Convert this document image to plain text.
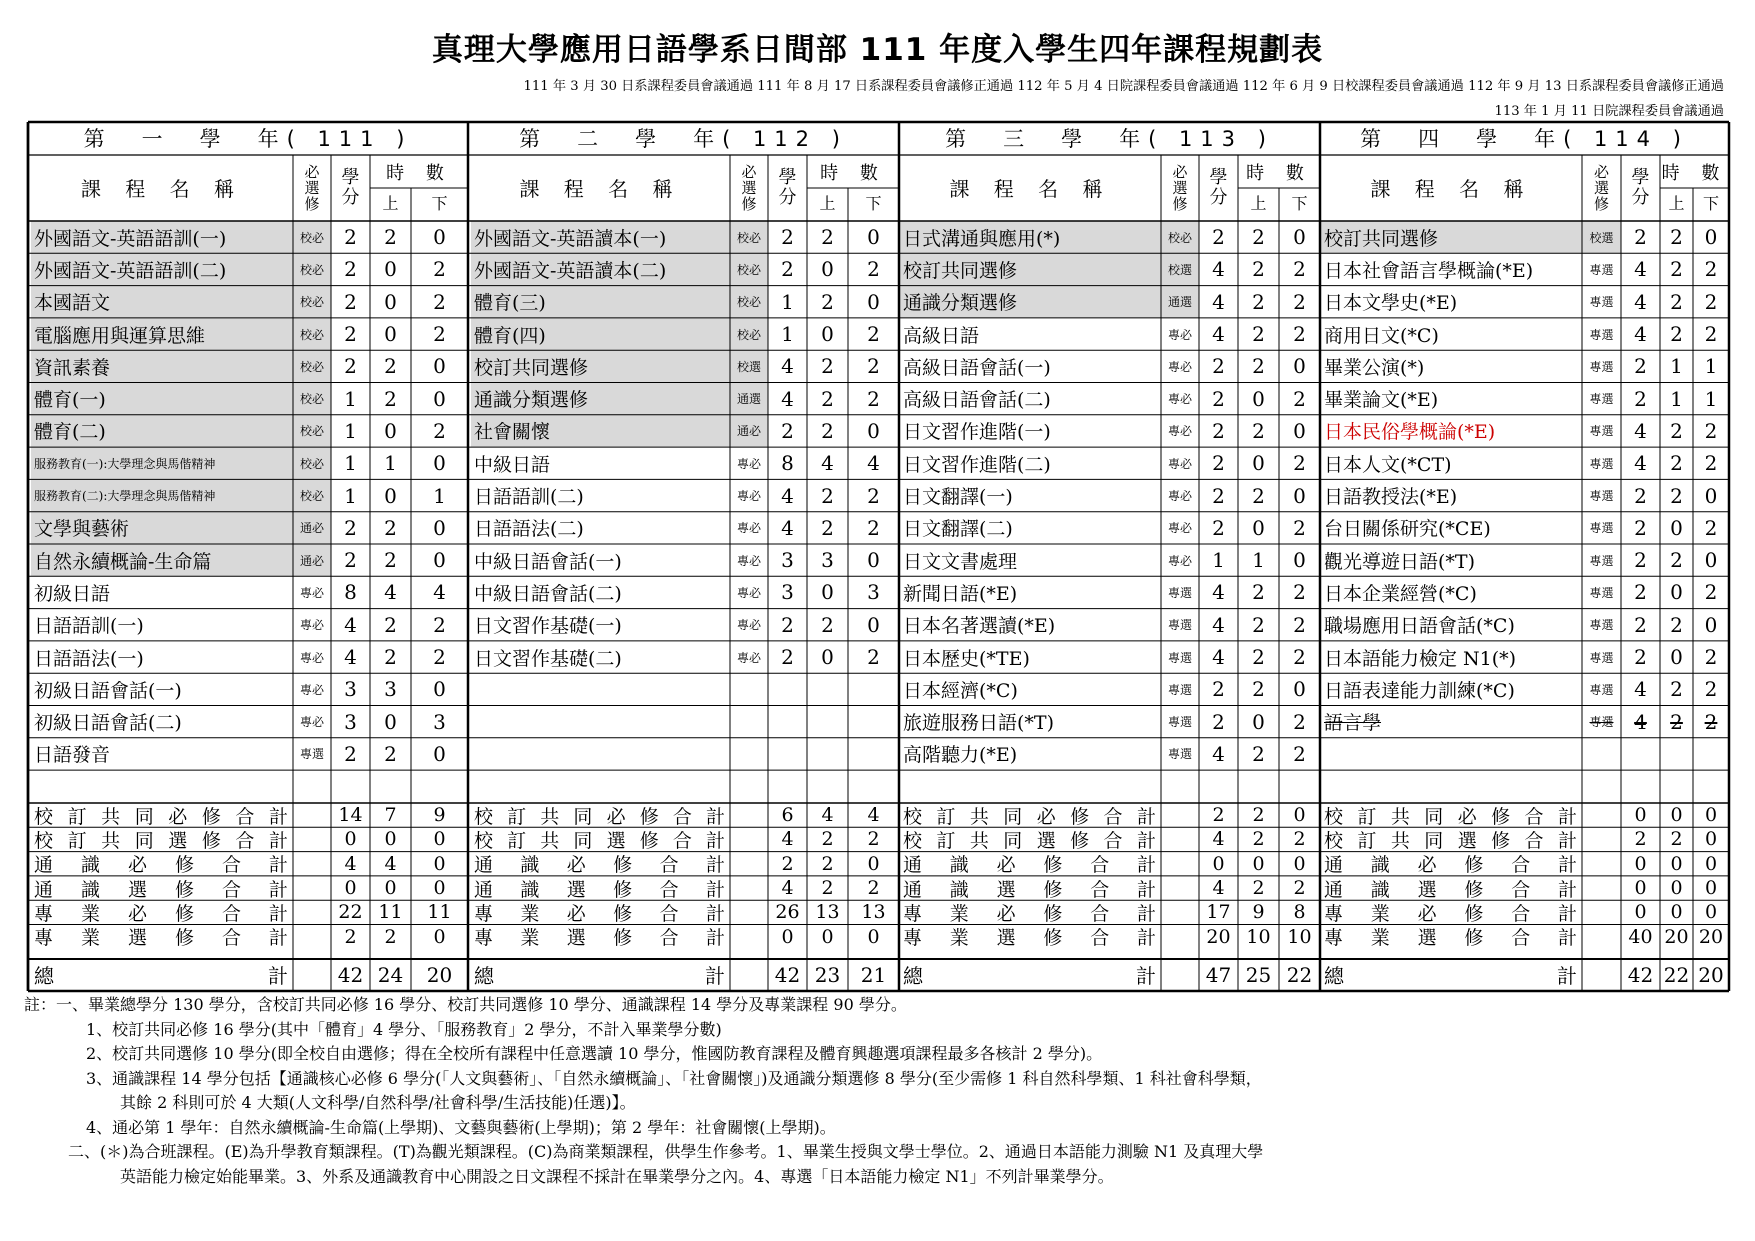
真理大學應用日語學系日間部 111 年度入學生四年課程規劃表
111 年 3 月 30 日系課程委員會議通過 111 年 8 月 17 日系課程委員會議修正通過 112 年 5 月 4 日院課程委員會議通過 112 年 6 月 9 日校課程委員會議通過 112 年 9 月 13 日系課程委員會議修正通過
113 年 1 月 11 日院課程委員會議通過
第　一　學　年( 111 )
課 程 名 稱
必
選
修
學
分
時 數
上	下
外國語文-英語語訓(一)	校必	2	2	0
外國語文-英語語訓(二)	校必	2	0	2
本國語文	校必	2	0	2
電腦應用與運算思維	校必	2	0	2
資訊素養	校必	2	2	0
體育(一)	校必	1	2	0
體育(二)	校必	1	0	2
服務教育(一):大學理念與馬偕精神	校必	1	1	0
服務教育(二):大學理念與馬偕精神	校必	1	0	1
文學與藝術	通必	2	2	0
自然永續概論-生命篇	通必	2	2	0
初級日語	專必	8	4	4
日語語訓(一)	專必	4	2	2
日語語法(一)	專必	4	2	2
初級日語會話(一)	專必	3	3	0
初級日語會話(二)	專必	3	0	3
日語發音	專選	2	2	0
校 訂 共 同 必 修 合 計	14	7	9
校 訂 共 同 選 修 合 計	0	0	0
通 識 必 修 合 計	4	4	0
通 識 選 修 合 計	0	0	0
專 業 必 修 合 計	22 11	11
專 業 選 修 合 計	2	2	0
總	計	42 24	20
第　二　學　年( 112 )
課 程 名 稱
必
選
修
學
分
時 數
上	下
外國語文-英語讀本(一)	校必	2	2	0
外國語文-英語讀本(二)	校必	2	0	2
體育(三)	校必	1	2	0
體育(四)	校必	1	0	2
校訂共同選修	校選	4	2	2
通識分類選修	通選	4	2	2
社會關懷	通必	2	2	0
中級日語	專必	8	4	4
日語語訓(二)	專必	4	2	2
日語語法(二)	專必	4	2	2
中級日語會話(一)	專必	3	3	0
中級日語會話(二)	專必	3	0	3
日文習作基礎(一)	專必	2	2	0
日文習作基礎(二)	專必	2	0	2
校 訂 共 同 必 修 合 計	6	4	4
校 訂 共 同 選 修 合 計	4	2	2
通 識 必 修 合 計	2	2	0
通 識 選 修 合 計	4	2	2
專 業 必 修 合 計	26 13	13
專 業 選 修 合 計	0	0	0
總	計	42 23	21
第　三　學　年( 113 )
課 程 名 稱
必
選
修
學
分
時 數
上	下
日式溝通與應用(*)	校必	2	2	0
校訂共同選修	校選	4	2	2
通識分類選修	通選	4	2	2
高級日語	專必	4	2	2
高級日語會話(一)	專必	2	2	0
高級日語會話(二)	專必	2	0	2
日文習作進階(一)	專必	2	2	0
日文習作進階(二)	專必	2	0	2
日文翻譯(一)	專必	2	2	0
日文翻譯(二)	專必	2	0	2
日文文書處理	專必	1	1	0
新聞日語(*E)	專選	4	2	2
日本名著選讀(*E)	專選	4	2	2
日本歷史(*TE)	專選	4	2	2
日本經濟(*C)	專選	2	2	0
旅遊服務日語(*T)	專選	2	0	2
高階聽力(*E)	專選	4	2	2
校 訂 共 同 必 修 合 計	2	2	0
校 訂 共 同 選 修 合 計	4	2	2
通 識 必 修 合 計	0	0	0
通 識 選 修 合 計	4	2	2
專 業 必 修 合 計	17	9	8
專 業 選 修 合 計	20 10 10
總	計	47 25 22
第　四　學　年( 114 )
課 程 名 稱
必
選
修
學
分
時 數
上	下
校訂共同選修	校選	2	2	0
日本社會語言學概論(*E)	專選	4	2	2
日本文學史(*E)	專選	4	2	2
商用日文(*C)	專選	4	2	2
畢業公演(*)	專選	2	1	1
畢業論文(*E)	專選	2	1	1
日本民俗學概論(*E)	專選	4	2	2
日本人文(*CT)	專選	4	2	2
日語教授法(*E)	專選	2	2	0
台日關係研究(*CE)	專選	2	0	2
觀光導遊日語(*T)	專選	2	2	0
日本企業經營(*C)	專選	2	0	2
職場應用日語會話(*C)	專選	2	2	0
日本語能力檢定 N1(*)	專選	2	0	2
日語表達能力訓練(*C)	專選	4	2	2
語言學	專選	4	2	2
校 訂 共 同 必 修 合 計	0	0	0
校 訂 共 同 選 修 合 計	2	2	0
通 識 必 修 合 計	0	0	0
通 識 選 修 合 計	0	0	0
專 業 必 修 合 計	0	0	0
專 業 選 修 合 計	40 20 20
總	計	42 22 20
註：一、畢業總學分 130 學分，含校訂共同必修 16 學分、校訂共同選修 10 學分、通識課程 14 學分及專業課程 90 學分。
1、校訂共同必修 16 學分(其中「體育」4 學分、「服務教育」2 學分，不計入畢業學分數)
2、校訂共同選修 10 學分(即全校自由選修；得在全校所有課程中任意選讀 10 學分，惟國防教育課程及體育興趣選項課程最多各核計 2 學分)。
3、通識課程 14 學分包括【通識核心必修 6 學分(「人文與藝術」、「自然永續概論」、「社會關懷」)及通識分類選修 8 學分(至少需修 1 科自然科學類、1 科社會科學類，
其餘 2 科則可於 4 大類(人文科學/自然科學/社會科學/生活技能)任選)】。
4、通必第 1 學年：自然永續概論-生命篇(上學期)、文藝與藝術(上學期)；第 2 學年：社會關懷(上學期)。
二、(＊)為合班課程。(E)為升學教育類課程。(T)為觀光類課程。(C)為商業類課程，供學生作參考。1、畢業生授與文學士學位。2、通過日本語能力測驗 N1 及真理大學
英語能力檢定始能畢業。3、外系及通識教育中心開設之日文課程不採計在畢業學分之內。4、專選「日本語能力檢定 N1」不列計畢業學分。
